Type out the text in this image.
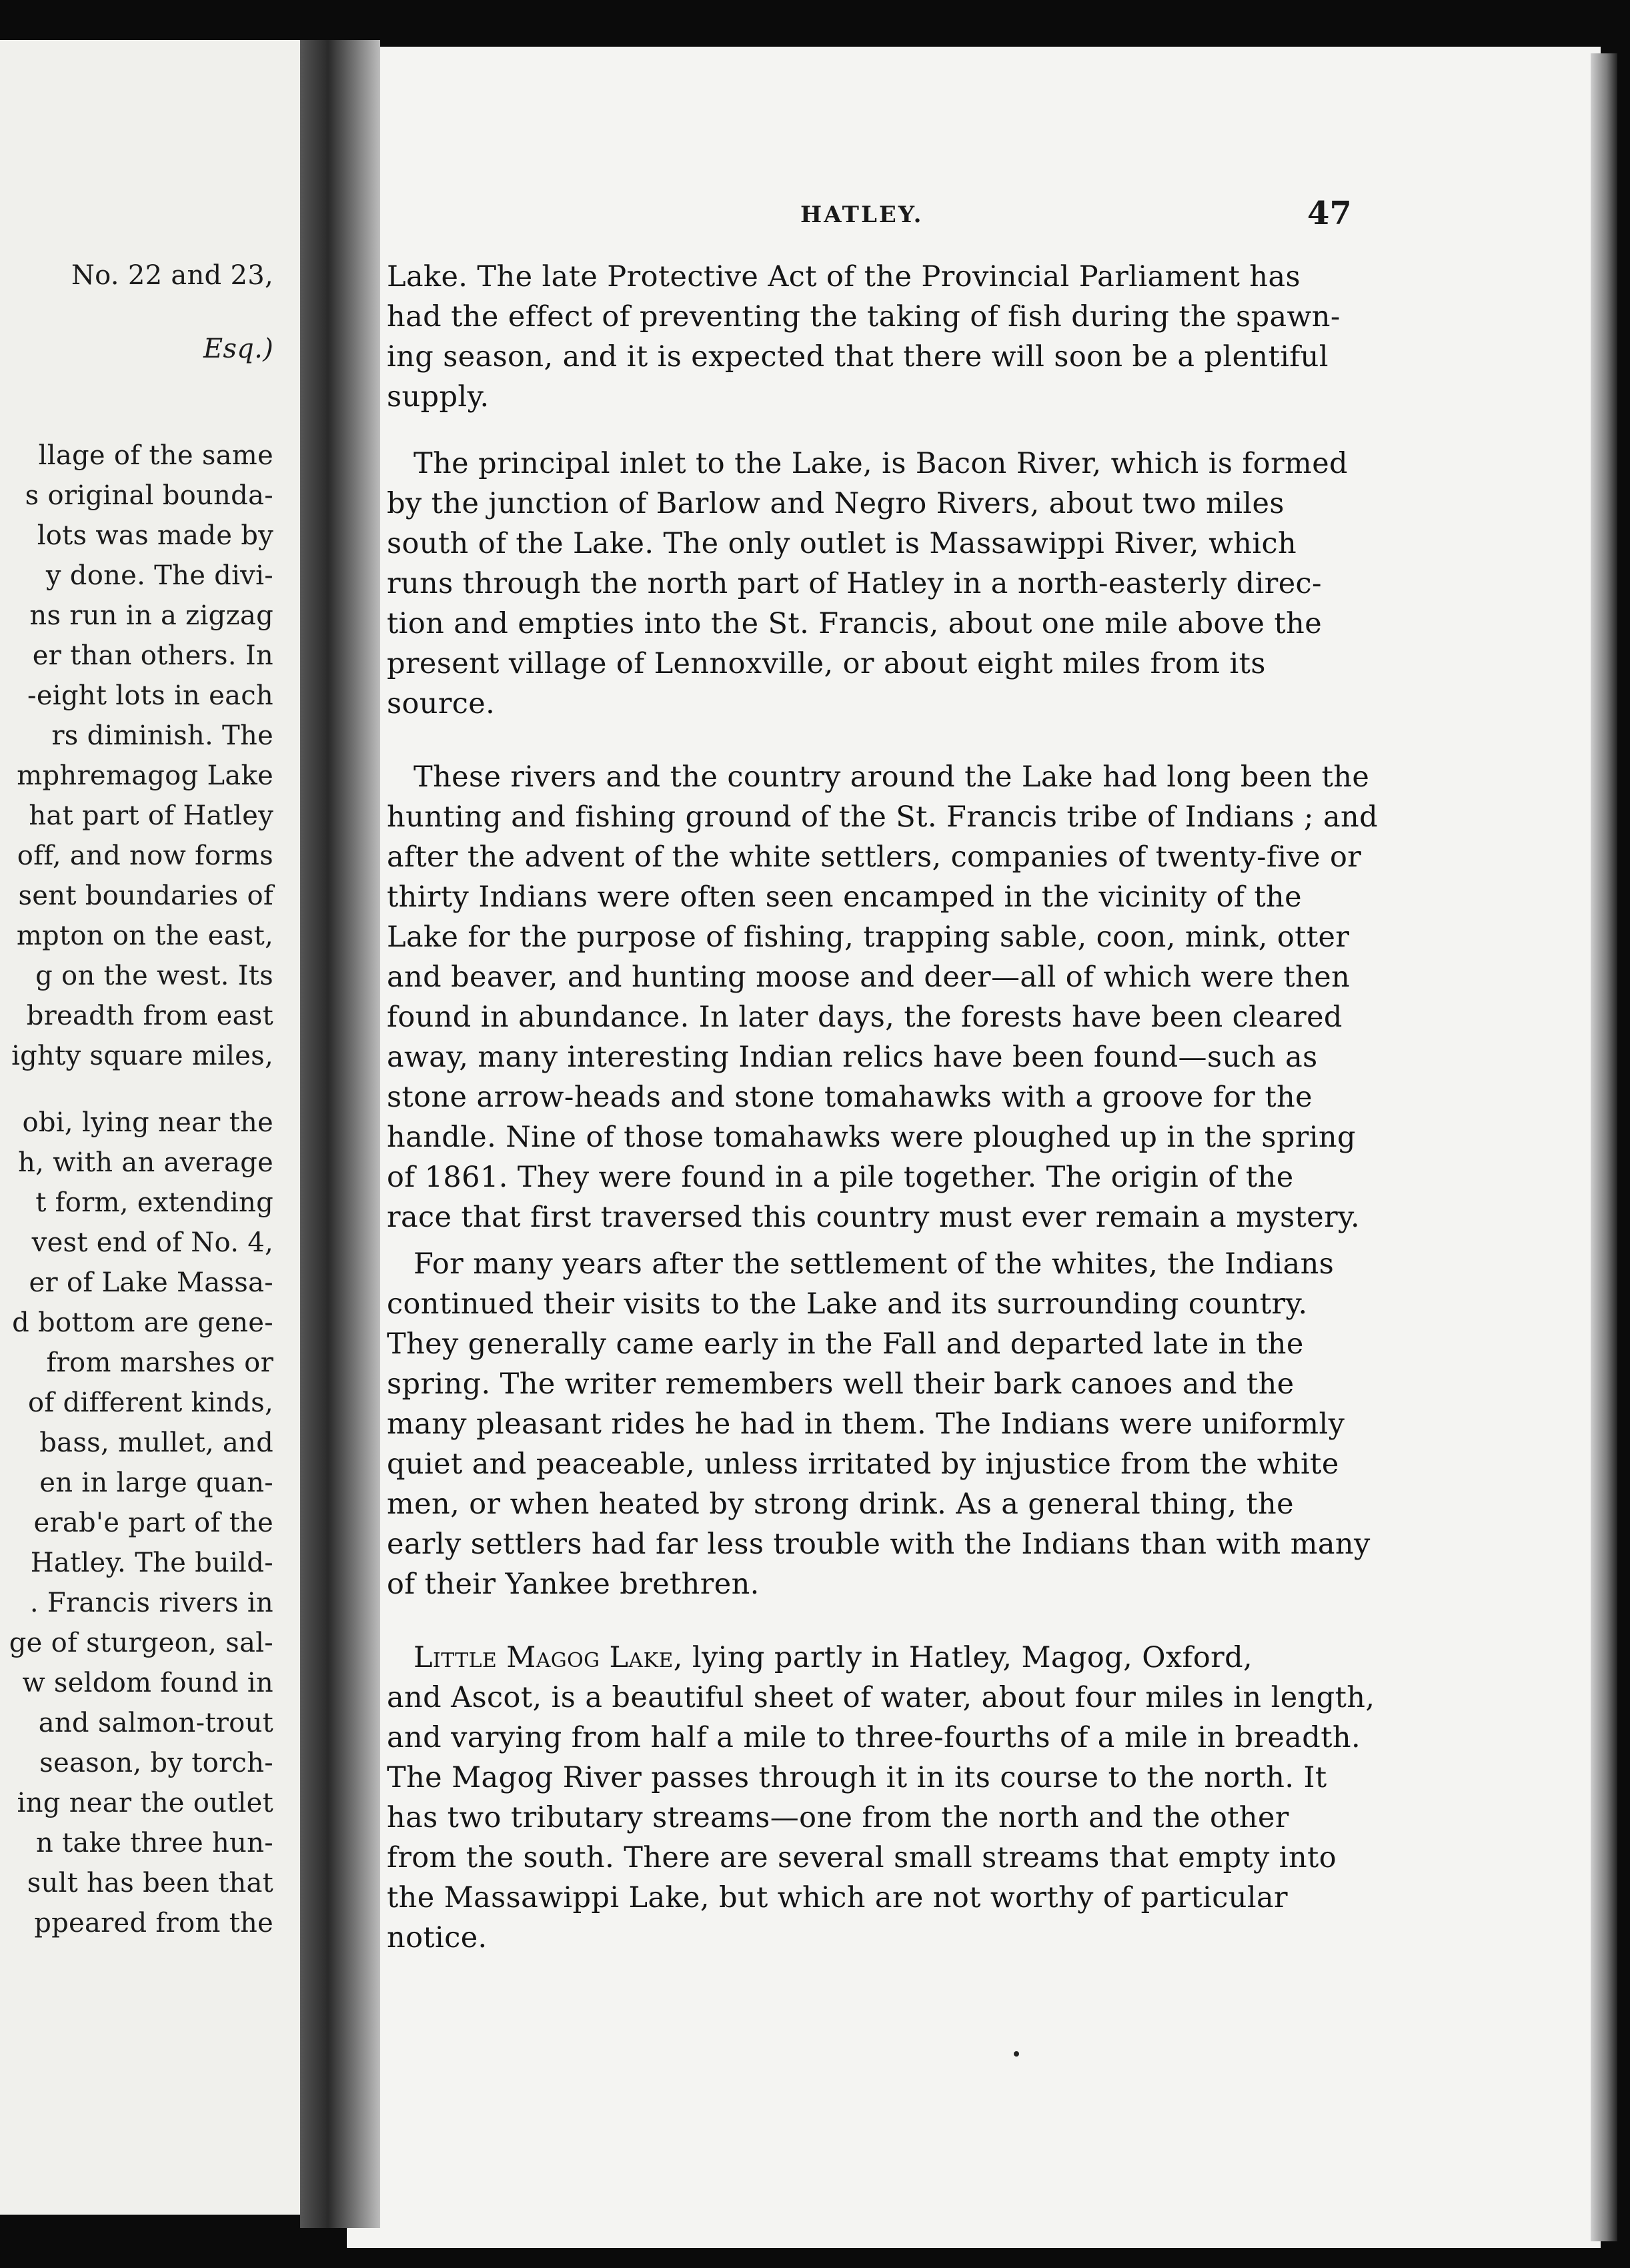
No. 22 and 23,
Esq.)
llage of the same
s original bounda-
lots was made by
y done. The divi-
ns run in a zigzag
er than others. In
-eight lots in each
rs diminish. The
mphremagog Lake
hat part of Hatley
off, and now forms
sent boundaries of
mpton on the east,
g on the west. Its
breadth from east
ighty square miles,
obi, lying near the
h, with an average
t form, extending
vest end of No. 4,
er of Lake Massa-
d bottom are gene-
from marshes or
of different kinds,
bass, mullet, and
en in large quan-
erab'e part of the
Hatley. The build-
. Francis rivers in
ge of sturgeon, sal-
w seldom found in
and salmon-trout
season, by torch-
ing near the outlet
n take three hun-
sult has been that
ppeared from the
HATLEY.	47
Lake. The late Protective Act of the Provincial Parliament has
had the effect of preventing the taking of fish during the spawn-
ing season, and it is expected that there will soon be a plentiful
supply.
The principal inlet to the Lake, is Bacon River, which is formed
by the junction of Barlow and Negro Rivers, about two miles
south of the Lake. The only outlet is Massawippi River, which
runs through the north part of Hatley in a north-easterly direc-
tion and empties into the St. Francis, about one mile above the
present village of Lennoxville, or about eight miles from its
source.
These rivers and the country around the Lake had long been the
hunting and fishing ground of the St. Francis tribe of Indians ; and
after the advent of the white settlers, companies of twenty-five or
thirty Indians were often seen encamped in the vicinity of the
Lake for the purpose of fishing, trapping sable, coon, mink, otter
and beaver, and hunting moose and deer—all of which were then
found in abundance. In later days, the forests have been cleared
away, many interesting Indian relics have been found—such as
stone arrow-heads and stone tomahawks with a groove for the
handle. Nine of those tomahawks were ploughed up in the spring
of 1861. They were found in a pile together. The origin of the
race that first traversed this country must ever remain a mystery.
For many years after the settlement of the whites, the Indians
continued their visits to the Lake and its surrounding country.
They generally came early in the Fall and departed late in the
spring. The writer remembers well their bark canoes and the
many pleasant rides he had in them. The Indians were uniformly
quiet and peaceable, unless irritated by injustice from the white
men, or when heated by strong drink. As a general thing, the
early settlers had far less trouble with the Indians than with many
of their Yankee brethren.
Little Magog Lake, lying partly in Hatley, Magog, Oxford,
and Ascot, is a beautiful sheet of water, about four miles in length,
and varying from half a mile to three-fourths of a mile in breadth.
The Magog River passes through it in its course to the north. It
has two tributary streams—one from the north and the other
from the south. There are several small streams that empty into
the Massawippi Lake, but which are not worthy of particular
notice.
